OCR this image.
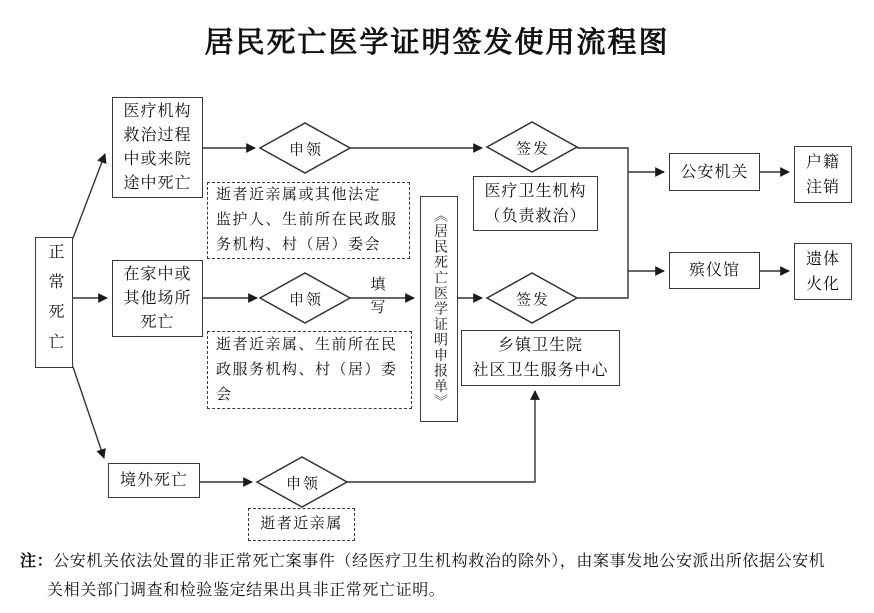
居民死亡医学证明签发使用流程图
正常死亡
医疗机构
救治过程
中或来院
途中死亡
在家中或
其他场所
死亡
境外死亡
逝者近亲属或其他法定
监护人、生前所在民政服
务机构、村（居）委会
逝者近亲属、生前所在民
政服务机构、村（居）委
会
逝者近亲属
《居民死亡医学证明申报单》
医疗卫生机构
（负责救治）
乡镇卫生院
社区卫生服务中心
公安机关
户籍
注销
殡仪馆
遗体
火化
申领
申领
签发
签发
申领
填写
注：公安机关依法处置的非正常死亡案事件（经医疗卫生机构救治的除外），由案事发地公安派出所依据公安机
关相关部门调查和检验鉴定结果出具非正常死亡证明。
